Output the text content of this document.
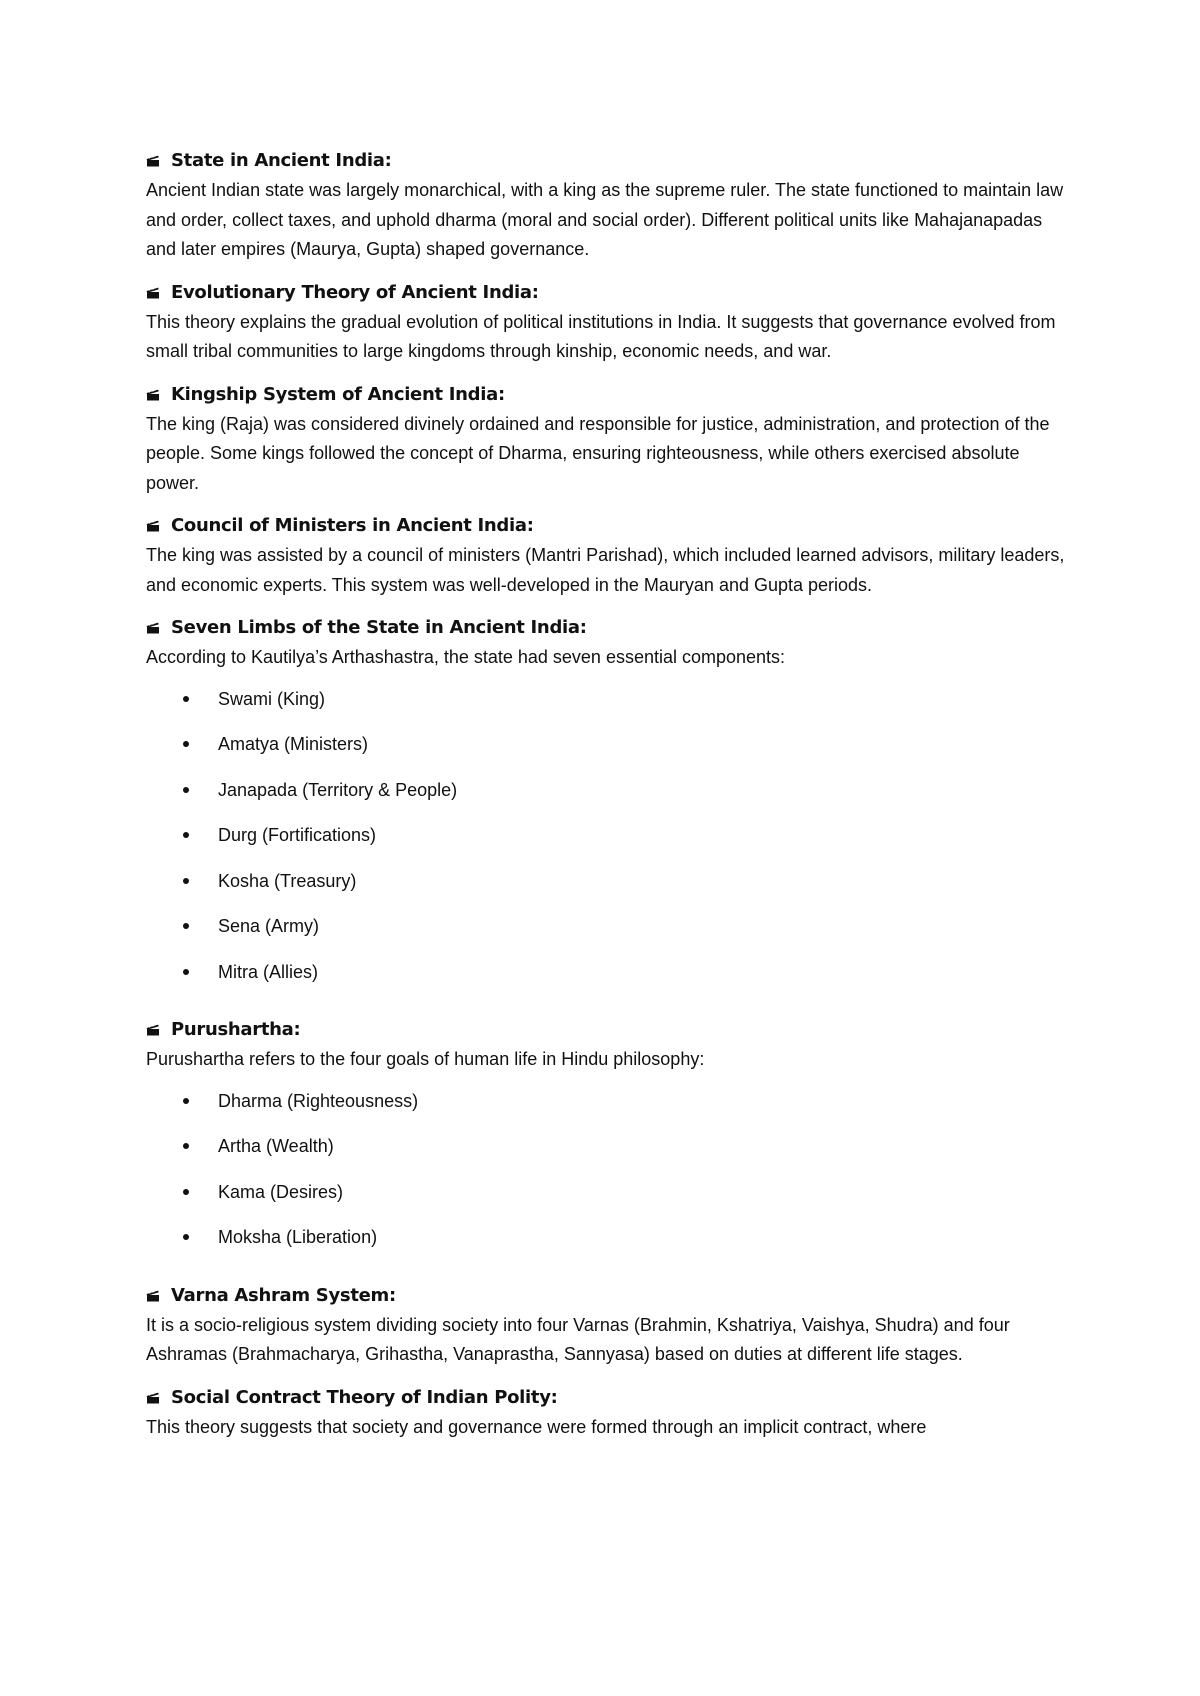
State in Ancient India:

Ancient Indian state was largely monarchical, with a king as the supreme ruler. The state functioned to maintain law and order, collect taxes, and uphold dharma (moral and social order). Different political units like Mahajanapadas and later empires (Maurya, Gupta) shaped governance.

Evolutionary Theory of Ancient India:

This theory explains the gradual evolution of political institutions in India. It suggests that governance evolved from small tribal communities to large kingdoms through kinship, economic needs, and war.

Kingship System of Ancient India:

The king (Raja) was considered divinely ordained and responsible for justice, administration, and protection of the people. Some kings followed the concept of Dharma, ensuring righteousness, while others exercised absolute power.

Council of Ministers in Ancient India:

The king was assisted by a council of ministers (Mantri Parishad), which included learned advisors, military leaders, and economic experts. This system was well-developed in the Mauryan and Gupta periods.

Seven Limbs of the State in Ancient India:

According to Kautilya’s Arthashastra, the state had seven essential components:

Swami (King)
Amatya (Ministers)
Janapada (Territory & People)
Durg (Fortifications)
Kosha (Treasury)
Sena (Army)
Mitra (Allies)
Purushartha:

Purushartha refers to the four goals of human life in Hindu philosophy:

Dharma (Righteousness)
Artha (Wealth)
Kama (Desires)
Moksha (Liberation)
Varna Ashram System:

It is a socio-religious system dividing society into four Varnas (Brahmin, Kshatriya, Vaishya, Shudra) and four Ashramas (Brahmacharya, Grihastha, Vanaprastha, Sannyasa) based on duties at different life stages.

Social Contract Theory of Indian Polity:

This theory suggests that society and governance were formed through an implicit contract, where
